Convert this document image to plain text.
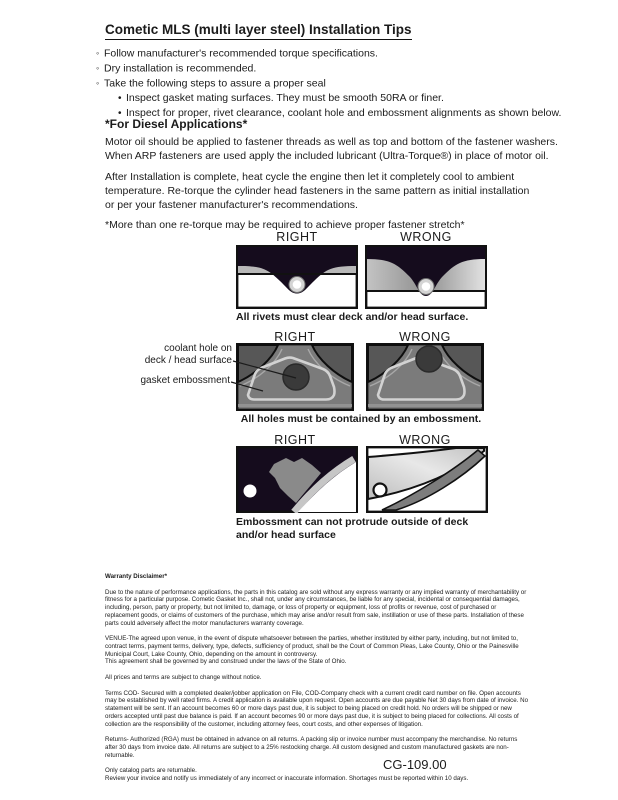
Cometic MLS (multi layer steel) Installation Tips
◦ Follow manufacturer's recommended torque specifications.
◦ Dry installation is recommended.
◦ Take the following steps to assure a proper seal
• Inspect gasket mating surfaces. They must be smooth 50RA or finer.
• Inspect for proper, rivet clearance, coolant hole and embossment alignments as shown below.
*For Diesel Applications*
Motor oil should be applied to fastener threads as well as top and bottom of the fastener washers.
When ARP fasteners are used apply the included lubricant (Ultra-Torque®) in place of motor oil.
After Installation is complete, heat cycle the engine then let it completely cool to ambient
temperature. Re-torque the cylinder head fasteners in the same pattern as initial installation
or per your fastener manufacturer's recommendations.
*More than one re-torque may be required to achieve proper fastener stretch*
RIGHT	WRONG
All rivets must clear deck and/or head surface.
RIGHT	WRONG
coolant hole on
deck / head surface
gasket embossment
All holes must be contained by an embossment.
RIGHT	WRONG
Embossment can not protrude outside of deck
and/or head surface
Warranty Disclaimer*

Due to the nature of performance applications, the parts in this catalog are sold without any express warranty or any implied warranty of merchantability or fitness for a particular purpose. Cometic Gasket Inc., shall not, under any circumstances, be liable for any special, incidental or consequential damages, including, person, party or property, but not limited to, damage, or loss of property or equipment, loss of profits or revenue, cost of purchased or replacement goods, or claims of customers of the purchase, which may arise and/or result from sale, instillation or use of these parts. Installation of these parts could adversely affect the motor manufacturers warranty coverage.

VENUE-The agreed upon venue, in the event of dispute whatsoever between the parties, whether instituted by either party, including, but not limited to, contract terms, payment terms, delivery, type, defects, sufficiency of product, shall be the Court of Common Pleas, Lake County, Ohio or the Painesville Municipal Court, Lake County, Ohio, depending on the amount in controversy.

This agreement shall be governed by and construed under the laws of the State of Ohio.

All prices and terms are subject to change without notice.

Terms COD- Secured with a completed dealer/jobber application on File, COD-Company check with a current credit card number on file. Open accounts may be established by well rated firms. A credit application is available upon request. Open accounts are due payable Net 30 days from date of invoice. No statement will be sent. If an account becomes 60 or more days past due, it is subject to being placed on credit hold. No orders will be shipped or new orders accepted until past due balance is paid. If an account becomes 90 or more days past due, it is subject to being placed for collections. All costs of collection are the responsibility of the customer, including attorney fees, court costs, and other expenses of litigation.

Returns- Authorized (RGA) must be obtained in advance on all returns. A packing slip or invoice number must accompany the merchandise. No returns after 30 days from invoice date. All returns are subject to a 25% restocking charge. All custom designed and custom manufactured gaskets are non-returnable.

Only catalog parts are returnable.

Review your invoice and notify us immediately of any incorrect or inaccurate information. Shortages must be reported within 10 days.

CG-109.00
